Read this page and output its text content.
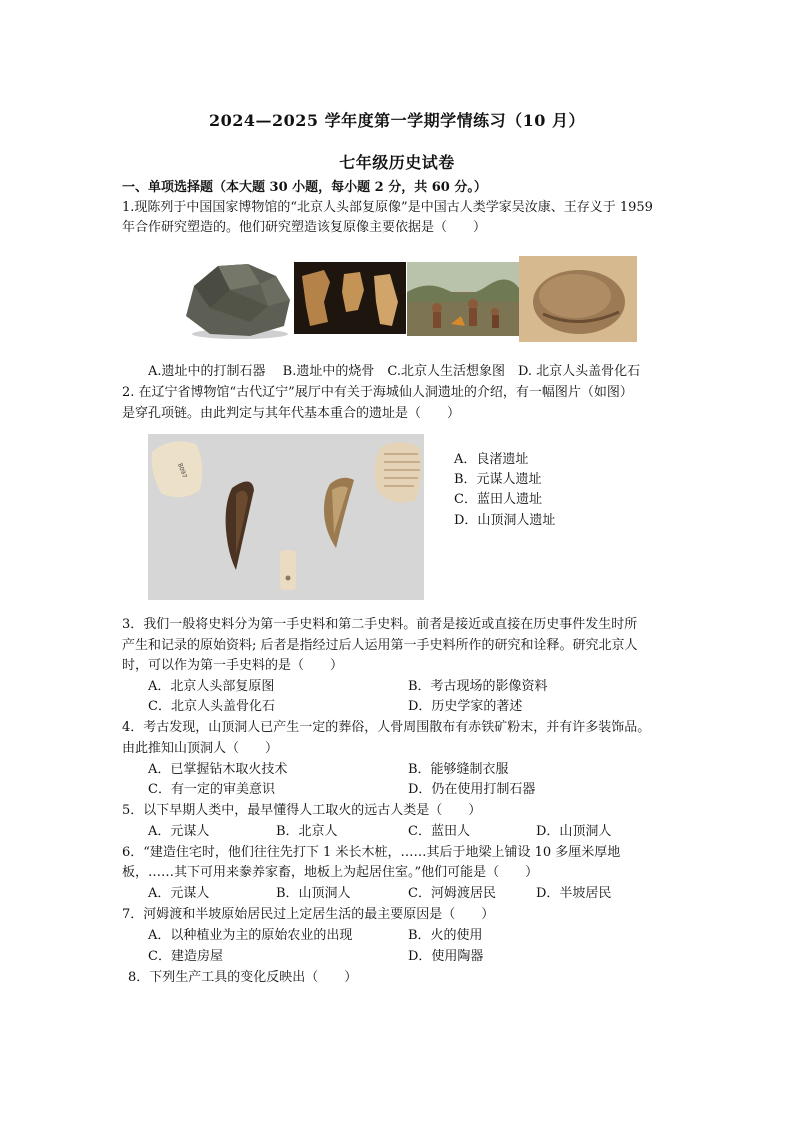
2024—2025 学年度第一学期学情练习（10 月）
七年级历史试卷
一、单项选择题（本大题 30 小题，每小题 2 分，共 60 分。）
1.现陈列于中国国家博物馆的“北京人头部复原像”是中国古人类学家吴汝康、王存义于 1959
年合作研究塑造的。他们研究塑造该复原像主要依据是（　　）
A.遗址中的打制石器　 B.遗址中的烧骨　C.北京人生活想象图　D. 北京人头盖骨化石
2. 在辽宁省博物馆“古代辽宁”展厅中有关于海城仙人洞遗址的介绍，有一幅图片（如图）
是穿孔项链。由此判定与其年代基本重合的遗址是（　　）
8097
A．良渚遗址
B．元谋人遗址
C．蓝田人遗址
D．山顶洞人遗址
3．我们一般将史料分为第一手史料和第二手史料。前者是接近或直接在历史事件发生时所
产生和记录的原始资料; 后者是指经过后人运用第一手史料所作的研究和诠释。研究北京人
时，可以作为第一手史料的是（　　）
A．北京人头部复原图	B．考古现场的影像资料
C．北京人头盖骨化石	D．历史学家的著述
4．考古发现，山顶洞人已产生一定的葬俗，人骨周围散布有赤铁矿粉末，并有许多装饰品。
由此推知山顶洞人（　　）
A．已掌握钻木取火技术	B．能够缝制衣服
C．有一定的审美意识	D．仍在使用打制石器
5．以下早期人类中，最早懂得人工取火的远古人类是（　　）
A．元谋人	B．北京人	C．蓝田人	D．山顶洞人
6．“建造住宅时，他们往往先打下 1 米长木桩，……其后于地梁上铺设 10 多厘米厚地
板，……其下可用来豢养家畜，地板上为起居住室。”他们可能是（　　）
A．元谋人	B．山顶洞人	C．河姆渡居民	D．半坡居民
7．河姆渡和半坡原始居民过上定居生活的最主要原因是（　　）
A．以种植业为主的原始农业的出现	B．火的使用
C．建造房屋	D．使用陶器
8．下列生产工具的变化反映出（　　）
